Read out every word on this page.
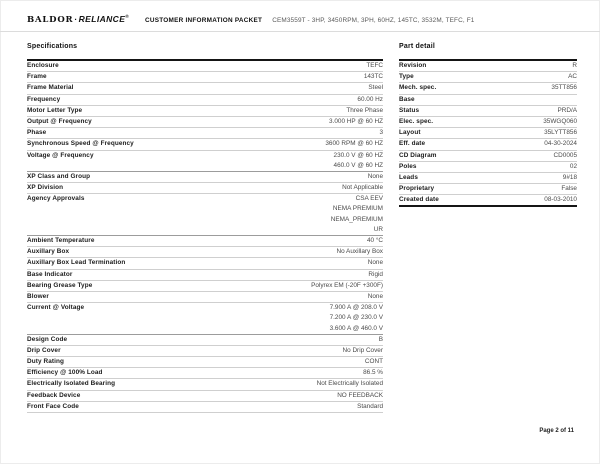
BALDOR·RELIANCE®
CUSTOMER INFORMATION PACKET CEM3559T - 3HP, 3450RPM, 3PH, 60HZ, 145TC, 3532M, TEFC, F1
Specifications
Enclosure	TEFC
Frame	143TC
Frame Material	Steel
Frequency	60.00 Hz
Motor Letter Type	Three Phase
Output @ Frequency	3.000 HP @ 60 HZ
Phase	3
Synchronous Speed @ Frequency	3600 RPM @ 60 HZ
Voltage @ Frequency	230.0 V @ 60 HZ
460.0 V @ 60 HZ
XP Class and Group	None
XP Division	Not Applicable
Agency Approvals	CSA EEV
NEMA PREMIUM
NEMA_PREMIUM
UR
Ambient Temperature	40 °C
Auxillary Box	No Auxillary Box
Auxillary Box Lead Termination	None
Base Indicator	Rigid
Bearing Grease Type	Polyrex EM (-20F +300F)
Blower	None
Current @ Voltage	7.900 A @ 208.0 V
7.200 A @ 230.0 V
3.600 A @ 460.0 V
Design Code	B
Drip Cover	No Drip Cover
Duty Rating	CONT
Efficiency @ 100% Load	86.5 %
Electrically Isolated Bearing	Not Electrically Isolated
Feedback Device	NO FEEDBACK
Front Face Code	Standard
Part detail
Revision	R
Type	AC
Mech. spec.	35TT856
Base
Status	PRD/A
Elec. spec.	35WGQ060
Layout	35LYTT856
Eff. date	04-30-2024
CD Diagram	CD0005
Poles	02
Leads	9#18
Proprietary	False
Created date	08-03-2010
Page 2 of 11
